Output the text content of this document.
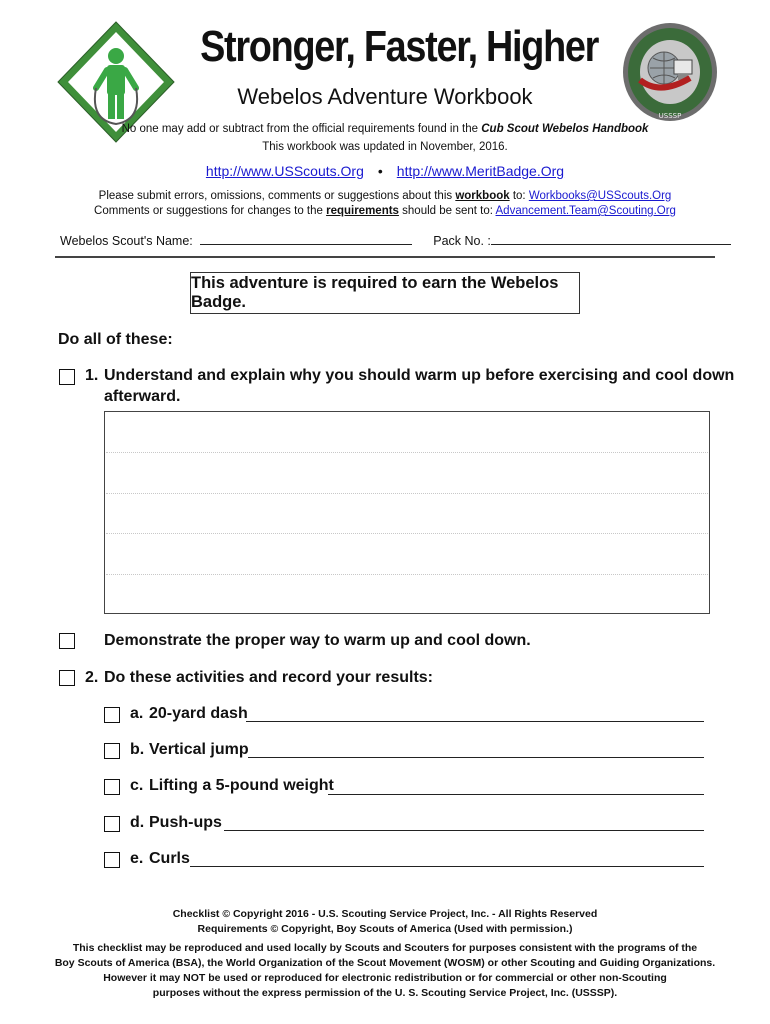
USSSP
Stronger, Faster, Higher
Webelos Adventure Workbook
No one may add or subtract from the official requirements found in the Cub Scout Webelos Handbook
This workbook was updated in November, 2016.
http://www.USScouts.Org • http://www.MeritBadge.Org
Please submit errors, omissions, comments or suggestions about this workbook to: Workbooks@USScouts.Org
Comments or suggestions for changes to the requirements should be sent to: Advancement.Team@Scouting.Org
Webelos Scout's Name:	Pack No. :
This adventure is required to earn the Webelos Badge.
Do all of these:
1. Understand and explain why you should warm up before exercising and cool down
afterward.
Demonstrate the proper way to warm up and cool down.
2. Do these activities and record your results:
a. 20-yard dash
b. Vertical jump
c. Lifting a 5-pound weight
d. Push-ups
e. Curls
Checklist © Copyright 2016 - U.S. Scouting Service Project, Inc. - All Rights Reserved
Requirements © Copyright, Boy Scouts of America (Used with permission.)
This checklist may be reproduced and used locally by Scouts and Scouters for purposes consistent with the programs of the
Boy Scouts of America (BSA), the World Organization of the Scout Movement (WOSM) or other Scouting and Guiding Organizations.
However it may NOT be used or reproduced for electronic redistribution or for commercial or other non-Scouting
purposes without the express permission of the U. S. Scouting Service Project, Inc. (USSSP).
